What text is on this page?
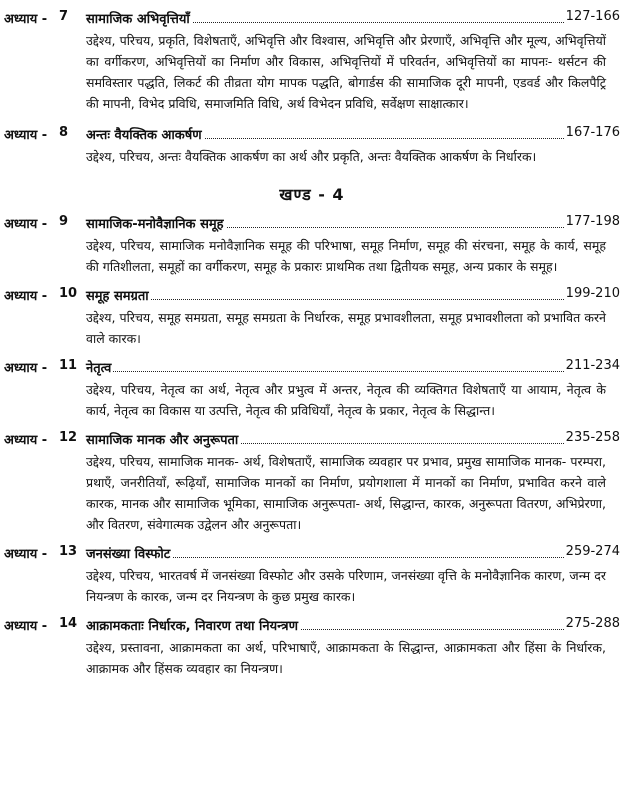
अध्याय - 7 सामाजिक अभिवृत्तियाँ	127-166

उद्देश्य, परिचय, प्रकृति, विशेषताएँ, अभिवृत्ति और विश्वास, अभिवृत्ति और प्रेरणाएँ, अभिवृत्ति और मूल्य, अभिवृत्तियों का वर्गीकरण, अभिवृत्तियों का निर्माण और विकास, अभिवृत्तियों में परिवर्तन, अभिवृत्तियों का मापनः- थर्सटन की समविस्तार पद्धति, लिकर्ट की तीव्रता योग मापक पद्धति, बोगार्डस की सामाजिक दूरी मापनी, एडवर्ड और किलपैट्रि की मापनी, विभेद प्रविधि, समाजमिति विधि, अर्थ विभेदन प्रविधि, सर्वेक्षण साक्षात्कार।

अध्याय - 8 अन्तः वैयक्तिक आकर्षण	167-176

उद्देश्य, परिचय, अन्तः वैयक्तिक आकर्षण का अर्थ और प्रकृति, अन्तः वैयक्तिक आकर्षण के निर्धारक।

खण्ड - 4
अध्याय - 9 सामाजिक-मनोवैज्ञानिक समूह	177-198

उद्देश्य, परिचय, सामाजिक मनोवैज्ञानिक समूह की परिभाषा, समूह निर्माण, समूह की संरचना, समूह के कार्य, समूह की गतिशीलता, समूहों का वर्गीकरण, समूह के प्रकारः प्राथमिक तथा द्वितीयक समूह, अन्य प्रकार के समूह।

अध्याय - 10 समूह समग्रता	199-210

उद्देश्य, परिचय, समूह समग्रता, समूह समग्रता के निर्धारक, समूह प्रभावशीलता, समूह प्रभावशीलता को प्रभावित करने वाले कारक।

अध्याय - 11 नेतृत्व	211-234

उद्देश्य, परिचय, नेतृत्व का अर्थ, नेतृत्व और प्रभुत्व में अन्तर, नेतृत्व की व्यक्तिगत विशेषताएँ या आयाम, नेतृत्व के कार्य, नेतृत्व का विकास या उत्पत्ति, नेतृत्व की प्रविधियाँ, नेतृत्व के प्रकार, नेतृत्व के सिद्धान्त।

अध्याय - 12 सामाजिक मानक और अनुरूपता	235-258

उद्देश्य, परिचय, सामाजिक मानक- अर्थ, विशेषताएँ, सामाजिक व्यवहार पर प्रभाव, प्रमुख सामाजिक मानक- परम्परा, प्रथाएँ, जनरीतियाँ, रूढ़ियाँ, सामाजिक मानकों का निर्माण, प्रयोगशाला में मानकों का निर्माण, प्रभावित करने वाले कारक, मानक और सामाजिक भूमिका, सामाजिक अनुरूपता- अर्थ, सिद्धान्त, कारक, अनुरूपता वितरण, अभिप्रेरणा, और वितरण, संवेगात्मक उद्वेलन और अनुरूपता।

अध्याय - 13 जनसंख्या विस्फोट	259-274

उद्देश्य, परिचय, भारतवर्ष में जनसंख्या विस्फोट और उसके परिणाम, जनसंख्या वृत्ति के मनोवैज्ञानिक कारण, जन्म दर नियन्त्रण के कारक, जन्म दर नियन्त्रण के कुछ प्रमुख कारक।

अध्याय - 14 आक्रामकताः निर्धारक, निवारण तथा नियन्त्रण	275-288

उद्देश्य, प्रस्तावना, आक्रामकता का अर्थ, परिभाषाएँ, आक्रामकता के सिद्धान्त, आक्रामकता और हिंसा के निर्धारक, आक्रामक और हिंसक व्यवहार का नियन्त्रण।
